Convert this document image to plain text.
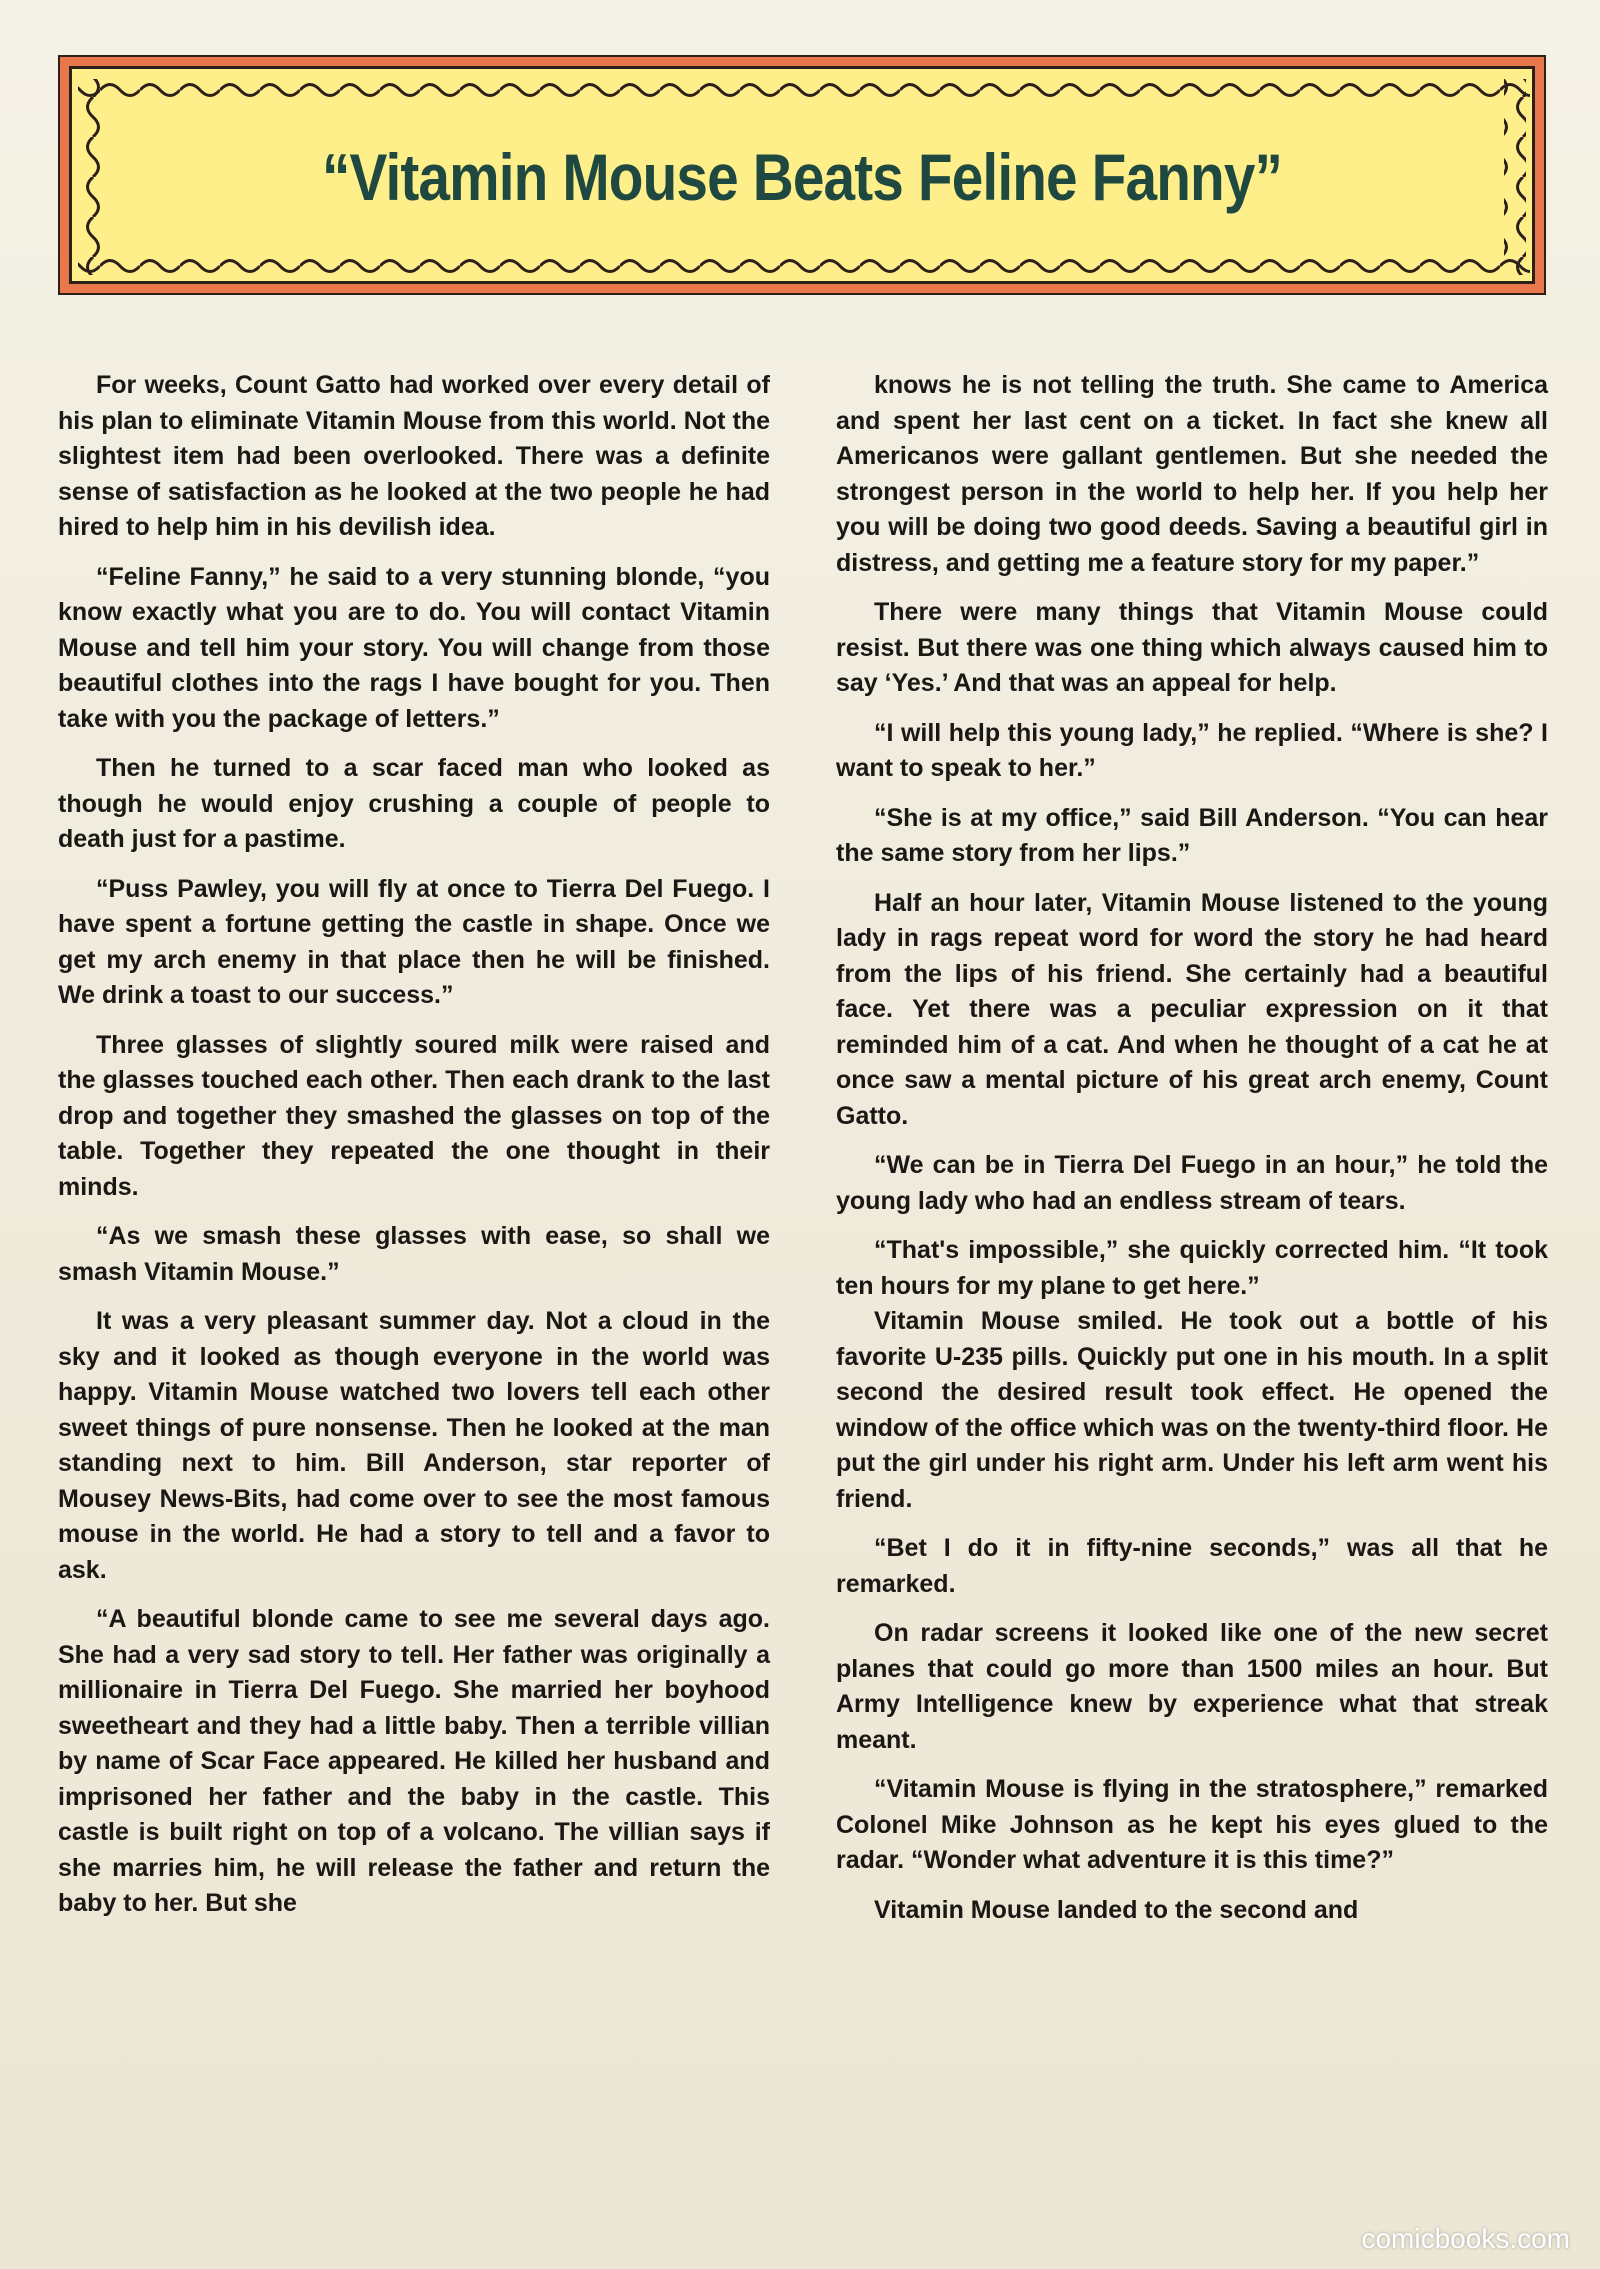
“Vitamin Mouse Beats Feline Fanny”

For weeks, Count Gatto had worked over every detail of his plan to eliminate Vitamin Mouse from this world. Not the slightest item had been overlooked. There was a definite sense of satisfaction as he looked at the two people he had hired to help him in his devilish idea.

“Feline Fanny,” he said to a very stunning blonde, “you know exactly what you are to do. You will contact Vitamin Mouse and tell him your story. You will change from those beautiful clothes into the rags I have bought for you. Then take with you the package of letters.”

Then he turned to a scar faced man who looked as though he would enjoy crushing a couple of people to death just for a pastime.

“Puss Pawley, you will fly at once to Tierra Del Fuego. I have spent a fortune getting the castle in shape. Once we get my arch enemy in that place then he will be finished. We drink a toast to our success.”

Three glasses of slightly soured milk were raised and the glasses touched each other. Then each drank to the last drop and together they smashed the glasses on top of the table. Together they repeated the one thought in their minds.

“As we smash these glasses with ease, so shall we smash Vitamin Mouse.”

It was a very pleasant summer day. Not a cloud in the sky and it looked as though everyone in the world was happy. Vitamin Mouse watched two lovers tell each other sweet things of pure nonsense. Then he looked at the man standing next to him. Bill Anderson, star reporter of Mousey News-Bits, had come over to see the most famous mouse in the world. He had a story to tell and a favor to ask.

“A beautiful blonde came to see me several days ago. She had a very sad story to tell. Her father was originally a millionaire in Tierra Del Fuego. She married her boyhood sweetheart and they had a little baby. Then a terrible villian by name of Scar Face appeared. He killed her husband and imprisoned her father and the baby in the castle. This castle is built right on top of a volcano. The villian says if she marries him, he will release the father and return the baby to her. But she

knows he is not telling the truth. She came to America and spent her last cent on a ticket. In fact she knew all Americanos were gallant gentlemen. But she needed the strongest person in the world to help her. If you help her you will be doing two good deeds. Saving a beautiful girl in distress, and getting me a feature story for my paper.”

There were many things that Vitamin Mouse could resist. But there was one thing which always caused him to say ‘Yes.’ And that was an appeal for help.

“I will help this young lady,” he replied. “Where is she? I want to speak to her.”

“She is at my office,” said Bill Anderson. “You can hear the same story from her lips.”

Half an hour later, Vitamin Mouse listened to the young lady in rags repeat word for word the story he had heard from the lips of his friend. She certainly had a beautiful face. Yet there was a peculiar expression on it that reminded him of a cat. And when he thought of a cat he at once saw a mental picture of his great arch enemy, Count Gatto.

“We can be in Tierra Del Fuego in an hour,” he told the young lady who had an endless stream of tears.

“That's impossible,” she quickly corrected him. “It took ten hours for my plane to get here.”

Vitamin Mouse smiled. He took out a bottle of his favorite U-235 pills. Quickly put one in his mouth. In a split second the desired result took effect. He opened the window of the office which was on the twenty-third floor. He put the girl under his right arm. Under his left arm went his friend.

“Bet I do it in fifty-nine seconds,” was all that he remarked.

On radar screens it looked like one of the new secret planes that could go more than 1500 miles an hour. But Army Intelligence knew by experience what that streak meant.

“Vitamin Mouse is flying in the stratosphere,” remarked Colonel Mike Johnson as he kept his eyes glued to the radar. “Wonder what adventure it is this time?”

Vitamin Mouse landed to the second and

comicbooks.com
